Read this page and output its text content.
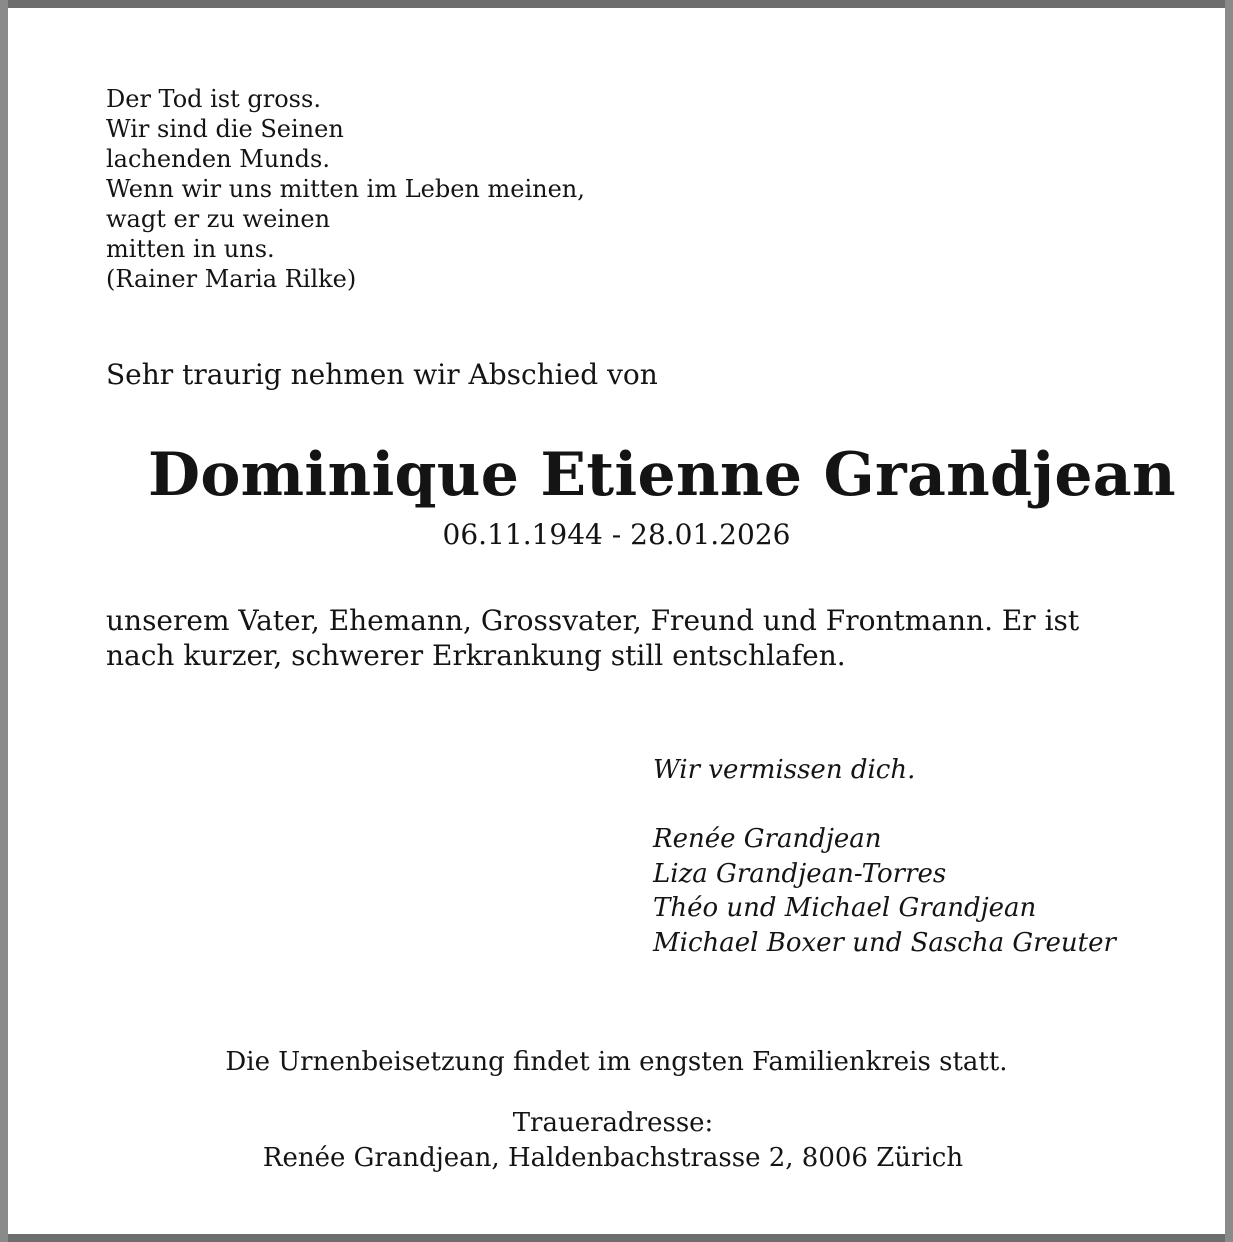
Der Tod ist gross.
Wir sind die Seinen
lachenden Munds.
Wenn wir uns mitten im Leben meinen,
wagt er zu weinen
mitten in uns.
(Rainer Maria Rilke)
Sehr traurig nehmen wir Abschied von
Dominique Etienne Grandjean
06.11.1944 - 28.01.2026
unserem Vater, Ehemann, Grossvater, Freund und Frontmann. Er ist
nach kurzer, schwerer Erkrankung still entschlafen.
Wir vermissen dich.
Renée Grandjean
Liza Grandjean-Torres
Théo und Michael Grandjean
Michael Boxer und Sascha Greuter
Die Urnenbeisetzung findet im engsten Familienkreis statt.
Traueradresse:
Renée Grandjean, Haldenbachstrasse 2, 8006 Zürich
